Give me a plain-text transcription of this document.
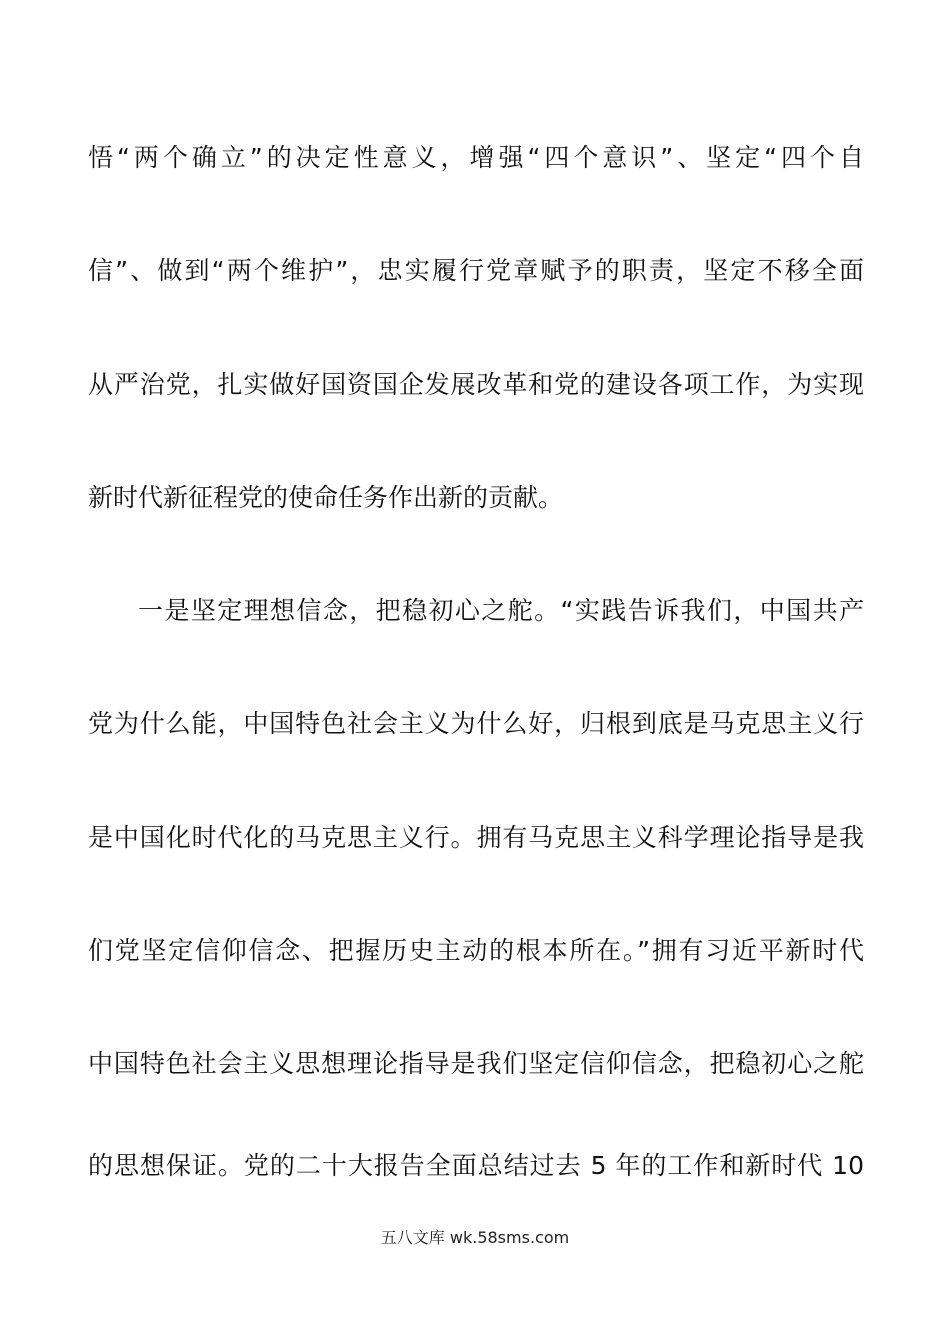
悟“两个确立”的决定性意义，增强“四个意识”、坚定“四个自
信”、做到“两个维护”，忠实履行党章赋予的职责，坚定不移全面
从严治党，扎实做好国资国企发展改革和党的建设各项工作，为实现
新时代新征程党的使命任务作出新的贡献。
一是坚定理想信念，把稳初心之舵。“实践告诉我们，中国共产
党为什么能，中国特色社会主义为什么好，归根到底是马克思主义行
是中国化时代化的马克思主义行。拥有马克思主义科学理论指导是我
们党坚定信仰信念、把握历史主动的根本所在。”拥有习近平新时代
中国特色社会主义思想理论指导是我们坚定信仰信念，把稳初心之舵
的思想保证。党的二十大报告全面总结过去 5 年的工作和新时代 10
五八文库 wk.58sms.com
